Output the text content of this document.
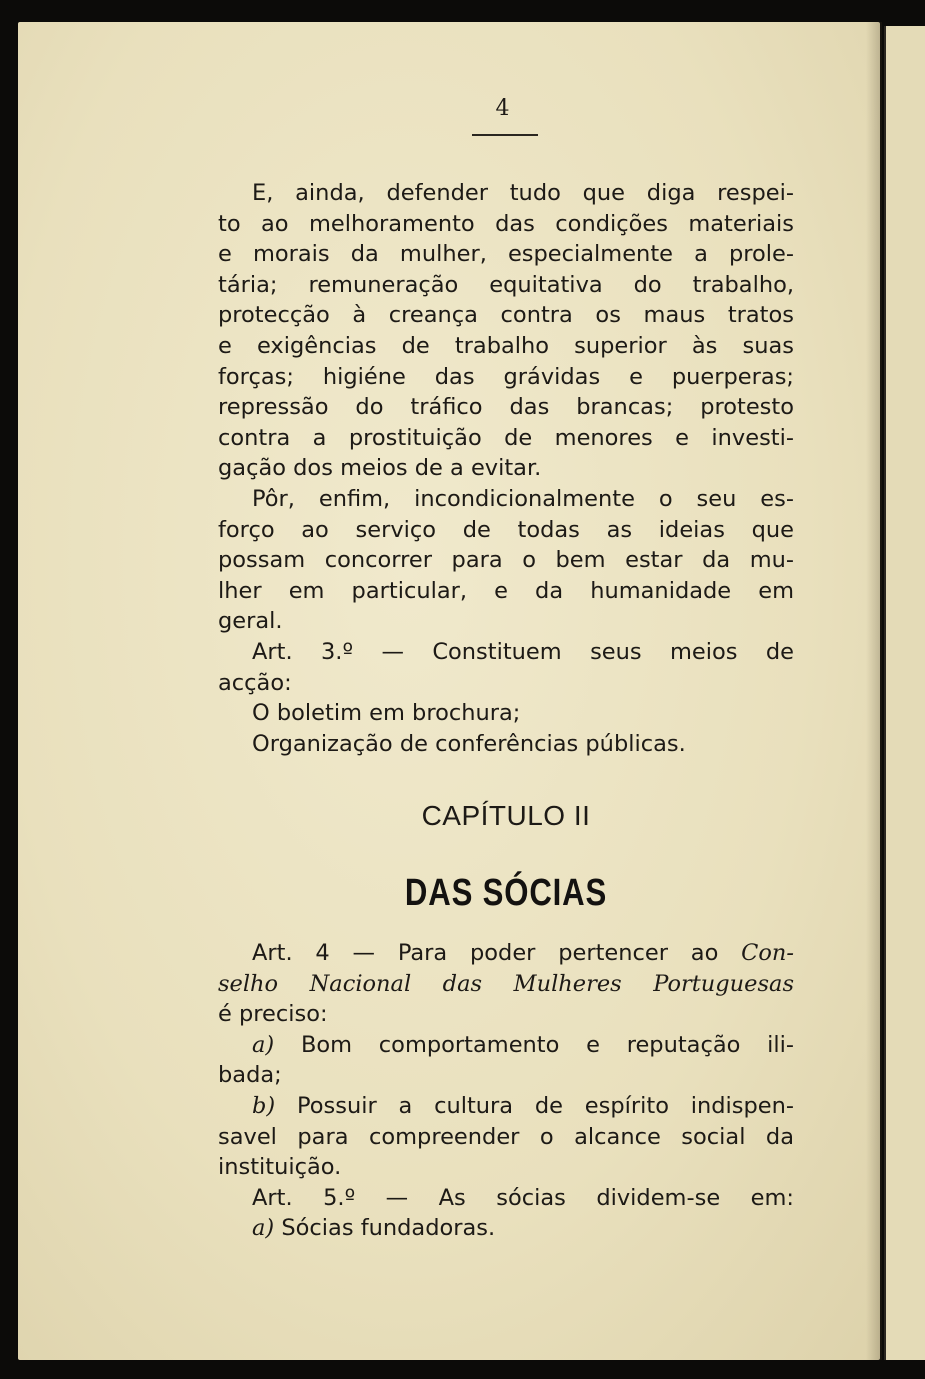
4
E, ainda, defender tudo que diga respei-
to ao melhoramento das condições materiais
e morais da mulher, especialmente a prole-
tária; remuneração equitativa do trabalho,
protecção à creança contra os maus tratos
e exigências de trabalho superior às suas
forças; higiéne das grávidas e puerperas;
repressão do tráfico das brancas; protesto
contra a prostituição de menores e investi-
gação dos meios de a evitar.
Pôr, enfim, incondicionalmente o seu es-
forço ao serviço de todas as ideias que
possam concorrer para o bem estar da mu-
lher em particular, e da humanidade em
geral.
Art. 3.º — Constituem seus meios de
acção:
O boletim em brochura;
Organização de conferências públicas.
CAPÍTULO II
DAS SÓCIAS
Art. 4 — Para poder pertencer ao Con-
selho Nacional das Mulheres Portuguesas
é preciso:
a) Bom comportamento e reputação ili-
bada;
b) Possuir a cultura de espírito indispen-
savel para compreender o alcance social da
instituição.
Art. 5.º — As sócias dividem-se em:
a) Sócias fundadoras.
